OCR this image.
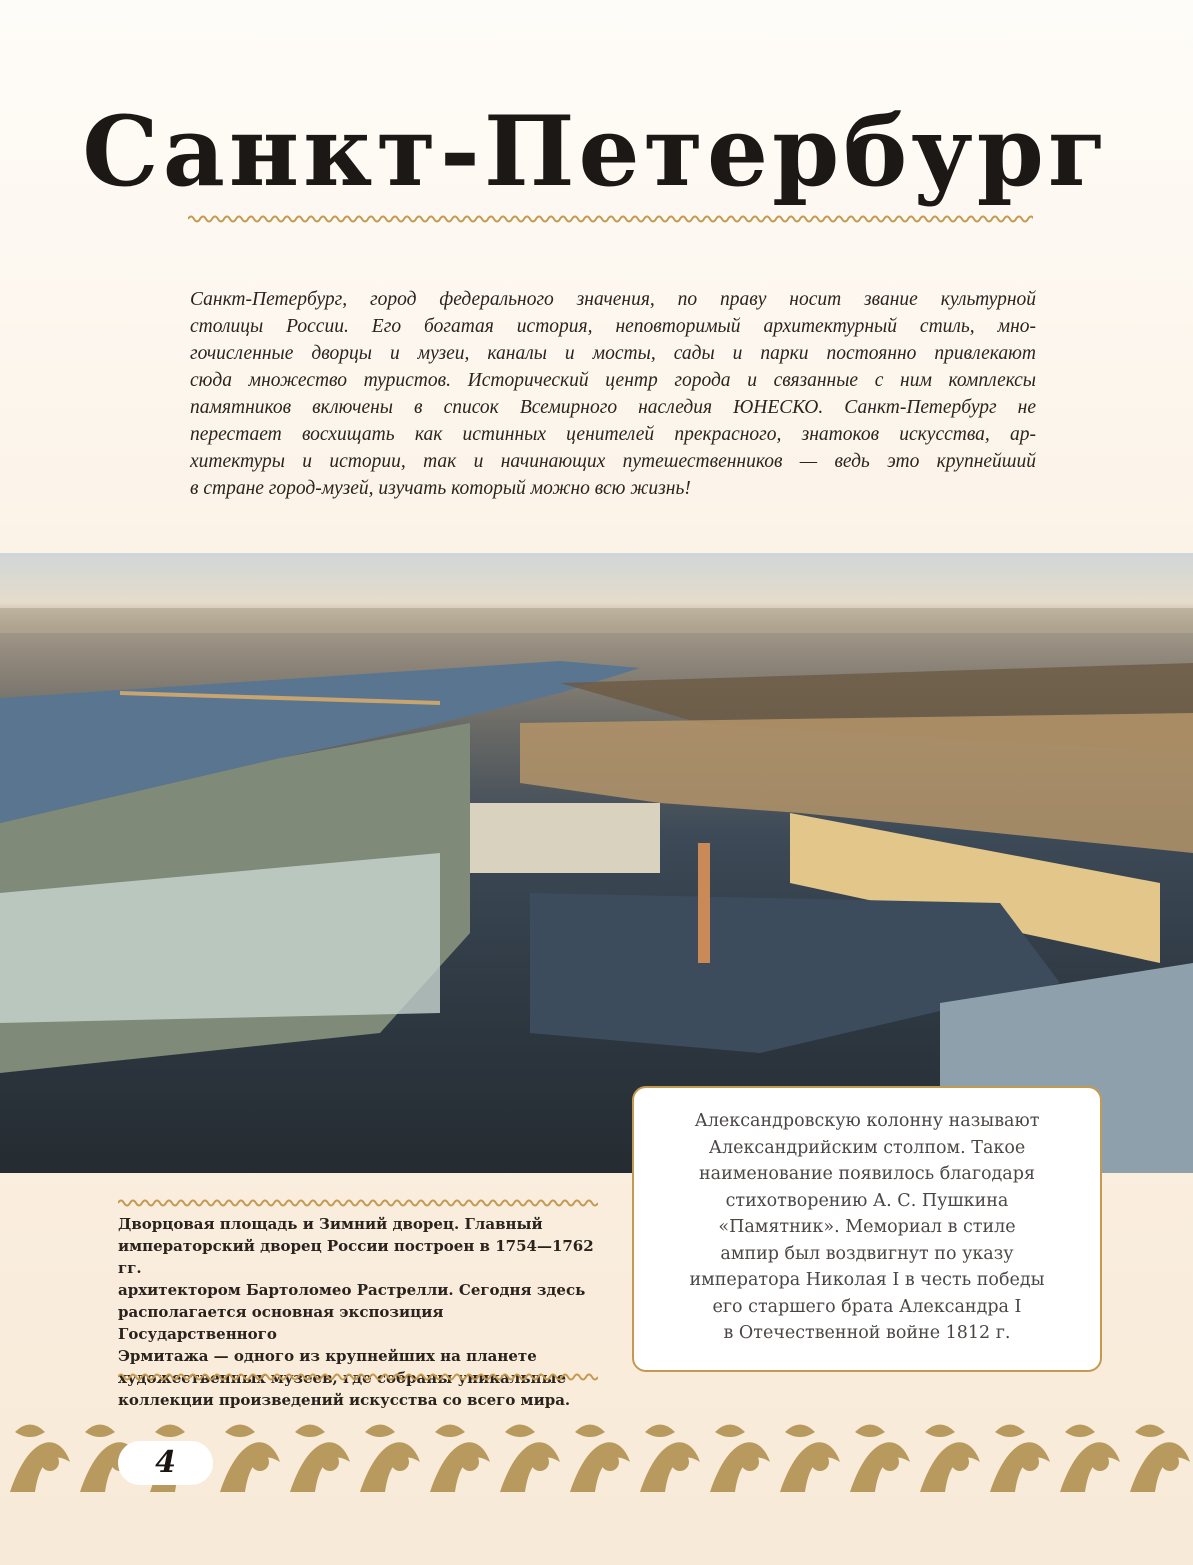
Санкт-Петербург
Санкт-Петербург, город федерального значения, по праву носит звание культурной
столицы России. Его богатая история, неповторимый архитектурный стиль, мно-
гочисленные дворцы и музеи, каналы и мосты, сады и парки постоянно привлекают
сюда множество туристов. Исторический центр города и связанные с ним комплексы
памятников включены в список Всемирного наследия ЮНЕСКО. Санкт-Петербург не
перестает восхищать как истинных ценителей прекрасного, знатоков искусства, ар-
хитектуры и истории, так и начинающих путешественников — ведь это крупнейший
в стране город-музей, изучать который можно всю жизнь!
Дворцовая площадь и Зимний дворец. Главный
императорский дворец России построен в 1754—1762 гг.
архитектором Бартоломео Растрелли. Сегодня здесь
располагается основная экспозиция Государственного
Эрмитажа — одного из крупнейших на планете
художественных музеев, где собраны уникальные
коллекции произведений искусства со всего мира.
Александровскую колонну называют
Александрийским столпом. Такое
наименование появилось благодаря
стихотворению А. С. Пушкина
«Памятник». Мемориал в стиле
ампир был воздвигнут по указу
императора Николая I в честь победы
его старшего брата Александра I
в Отечественной войне 1812 г.
4
